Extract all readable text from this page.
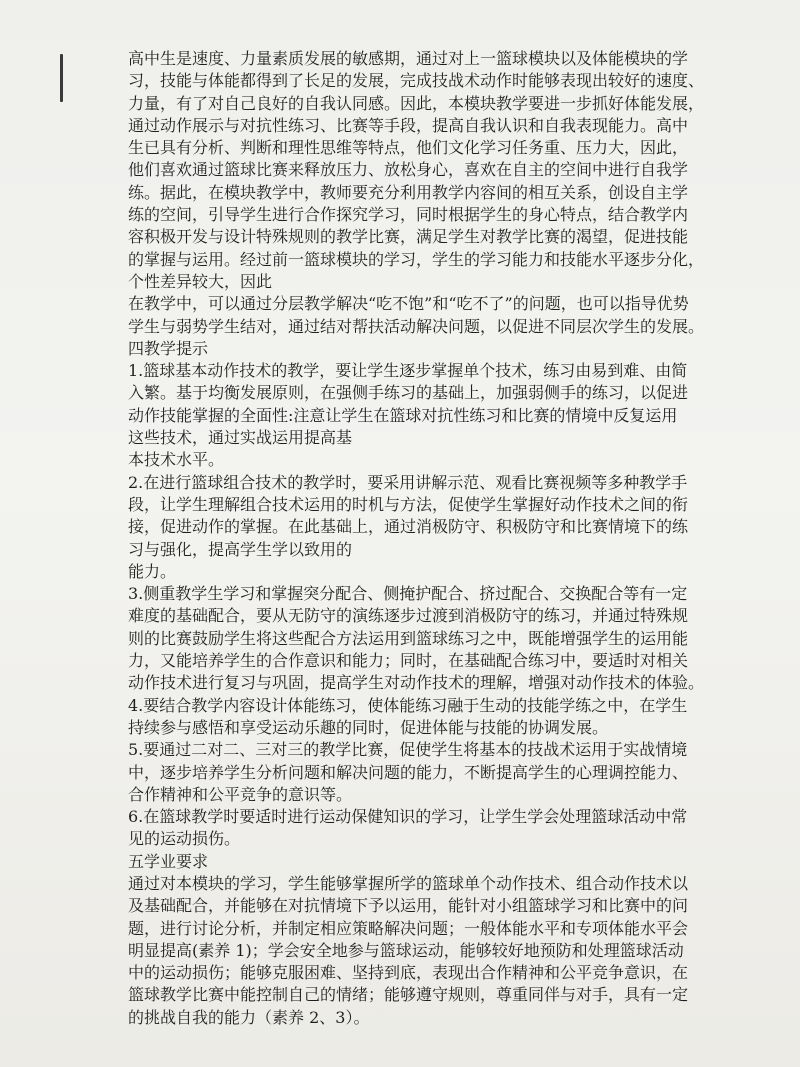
高中生是速度、力量素质发展的敏感期，通过对上一篮球模块以及体能模块的学
习，技能与体能都得到了长足的发展，完成技战术动作时能够表现出较好的速度、
力量，有了对自己良好的自我认同感。因此，本模块教学要进一步抓好体能发展，
通过动作展示与对抗性练习、比赛等手段，提高自我认识和自我表现能力。高中
生已具有分析、判断和理性思维等特点，他们文化学习任务重、压力大，因此，
他们喜欢通过篮球比赛来释放压力、放松身心，喜欢在自主的空间中进行自我学
练。据此，在模块教学中，教师要充分利用教学内容间的相互关系，创设自主学
练的空间，引导学生进行合作探究学习，同时根据学生的身心特点，结合教学内
容积极开发与设计特殊规则的教学比赛，满足学生对教学比赛的渴望，促进技能
的掌握与运用。经过前一篮球模块的学习，学生的学习能力和技能水平逐步分化，
个性差异较大，因此
在教学中，可以通过分层教学解决“吃不饱”和“吃不了”的问题，也可以指导优势
学生与弱势学生结对，通过结对帮扶活动解决问题，以促进不同层次学生的发展。
四教学提示
1.篮球基本动作技术的教学，要让学生逐步掌握单个技术，练习由易到难、由简
入繁。基于均衡发展原则，在强侧手练习的基础上，加强弱侧手的练习，以促进
动作技能掌握的全面性:注意让学生在篮球对抗性练习和比赛的情境中反复运用
这些技术，通过实战运用提高基
本技术水平。
2.在进行篮球组合技术的教学时，要采用讲解示范、观看比赛视频等多种教学手
段，让学生理解组合技术运用的时机与方法，促使学生掌握好动作技术之间的衔
接，促进动作的掌握。在此基础上，通过消极防守、积极防守和比赛情境下的练
习与强化，提高学生学以致用的
能力。
3.侧重教学生学习和掌握突分配合、侧掩护配合、挤过配合、交换配合等有一定
难度的基础配合，要从无防守的演练逐步过渡到消极防守的练习，并通过特殊规
则的比赛鼓励学生将这些配合方法运用到篮球练习之中，既能增强学生的运用能
力，又能培养学生的合作意识和能力；同时，在基础配合练习中，要适时对相关
动作技术进行复习与巩固，提高学生对动作技术的理解，增强对动作技术的体验。
4.要结合教学内容设计体能练习，使体能练习融于生动的技能学练之中，在学生
持续参与感悟和享受运动乐趣的同时，促进体能与技能的协调发展。
5.要通过二对二、三对三的教学比赛，促使学生将基本的技战术运用于实战情境
中，逐步培养学生分析问题和解决问题的能力，不断提高学生的心理调控能力、
合作精神和公平竞争的意识等。
6.在篮球教学时要适时进行运动保健知识的学习，让学生学会处理篮球活动中常
见的运动损伤。
五学业要求
通过对本模块的学习，学生能够掌握所学的篮球单个动作技术、组合动作技术以
及基础配合，并能够在对抗情境下予以运用，能针对小组篮球学习和比赛中的问
题，进行讨论分析，并制定相应策略解决问题；一般体能水平和专项体能水平会
明显提高(素养 1)；学会安全地参与篮球运动，能够较好地预防和处理篮球活动
中的运动损伤；能够克服困难、坚持到底，表现出合作精神和公平竞争意识，在
篮球教学比赛中能控制自己的情绪；能够遵守规则，尊重同伴与对手，具有一定
的挑战自我的能力（素养 2、3）。
